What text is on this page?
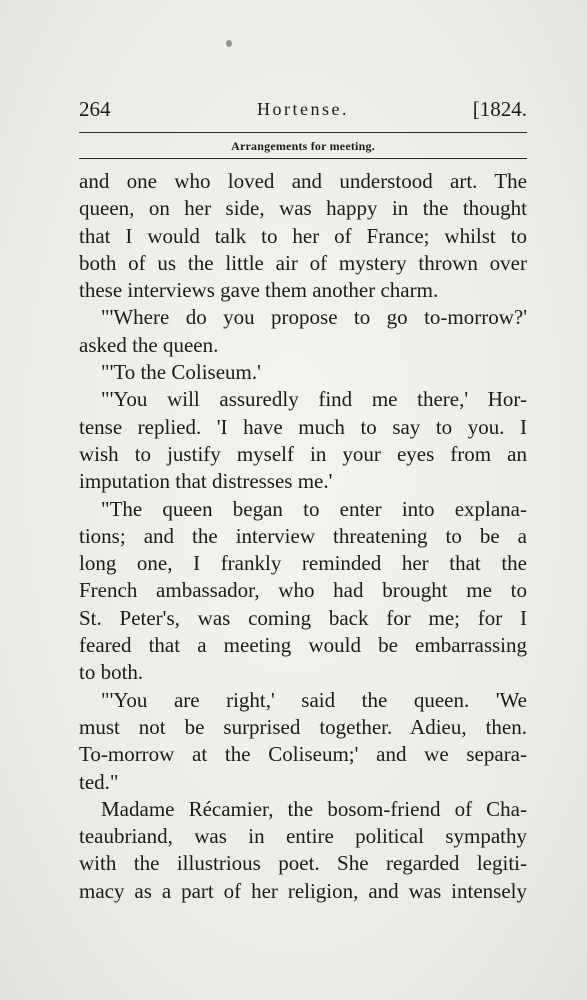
264	Hortense.	[1824.
Arrangements for meeting.
and one who loved and understood art. The
queen, on her side, was happy in the thought
that I would talk to her of France; whilst to
both of us the little air of mystery thrown over
these interviews gave them another charm.
"'Where do you propose to go to-morrow?'
asked the queen.
"'To the Coliseum.'
"'You will assuredly find me there,' Hor-
tense replied. 'I have much to say to you. I
wish to justify myself in your eyes from an
imputation that distresses me.'
"The queen began to enter into explana-
tions; and the interview threatening to be a
long one, I frankly reminded her that the
French ambassador, who had brought me to
St. Peter's, was coming back for me; for I
feared that a meeting would be embarrassing
to both.
"'You are right,' said the queen. 'We
must not be surprised together. Adieu, then.
To-morrow at the Coliseum;' and we separa-
ted."
Madame Récamier, the bosom-friend of Cha-
teaubriand, was in entire political sympathy
with the illustrious poet. She regarded legiti-
macy as a part of her religion, and was intensely
